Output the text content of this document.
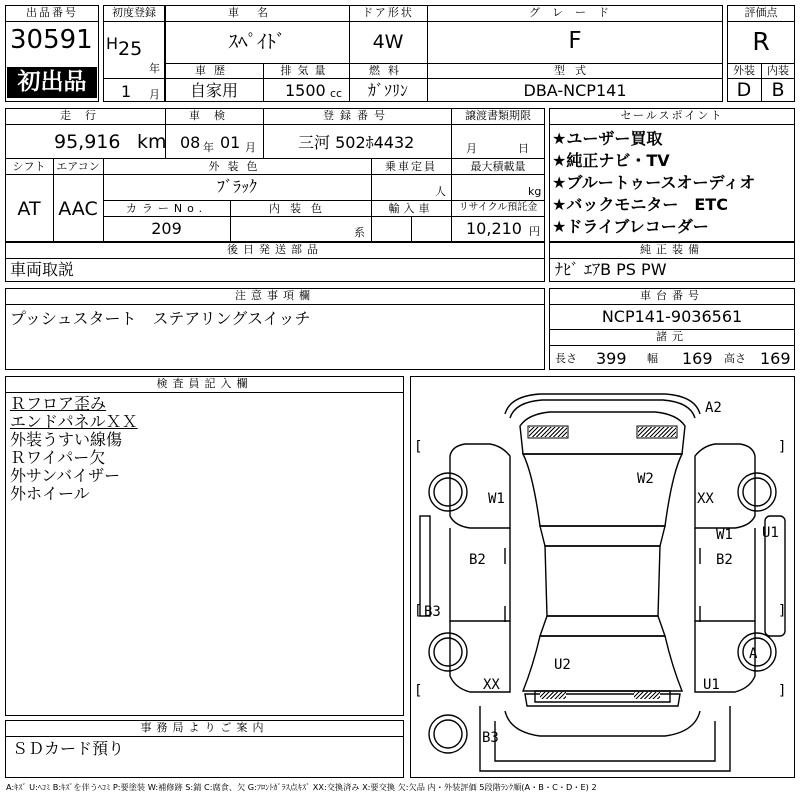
出品番号
30591
初出品
初度登録
H 25
年
1 月
車名
ｽﾍﾟｲﾄﾞ
ドア形状
4W
グレード
F
車歴
自家用
排気量
1500 cc
燃料
ｶﾞｿﾘﾝ
型式
DBA-NCP141
評価点
R
外装	内装
D	B
走行
95,916 km
車検
08 年 01 月
登録番号
三河 502ﾎ4432
譲渡書類期限
月	日
シフト
AT
エアコン
AAC
外装色
ﾌﾞﾗｯｸ
乗車定員
人
最大積載量
kg
カラーNo.
209
内装色
系
輸入車	リサイクル預託金
10,210 円
セールスポイント
★ユーザー買取
★純正ナビ・TV
★ブルートゥースオーディオ
★バックモニター　ETC
★ドライブレコーダー
後日発送部品
車両取説
純正装備
ﾅﾋﾞ ｴｱB PS PW
注意事項欄
プッシュスタート　ステアリングスイッチ
車台番号
NCP141-9036561
諸元
長さ 399 幅 169 高さ 169
検査員記入欄
Ｒフロア歪み
エンドパネルＸＸ
外装うすい線傷
Ｒワイパー欠
外サンバイザー
外ホイール
事務局よりご案内
ＳＤカード預り
[	]
[	]
[	]
A2
W2
W1	XX
U1
W1
B2	B2
B3
A
U2
XX	U1
B3
A:ｷｽﾞ U:ﾍｺﾐ B:ｷｽﾞを伴うﾍｺﾐ P:要塗装 W:補修跡 S:錆 C:腐食、欠 G:ﾌﾛﾝﾄｶﾞﾗｽ点ｷｽﾞ XX:交換済み X:要交換 欠:欠品 内・外装評価 5段階ﾗﾝｸ順(A・B・C・D・E) 2
